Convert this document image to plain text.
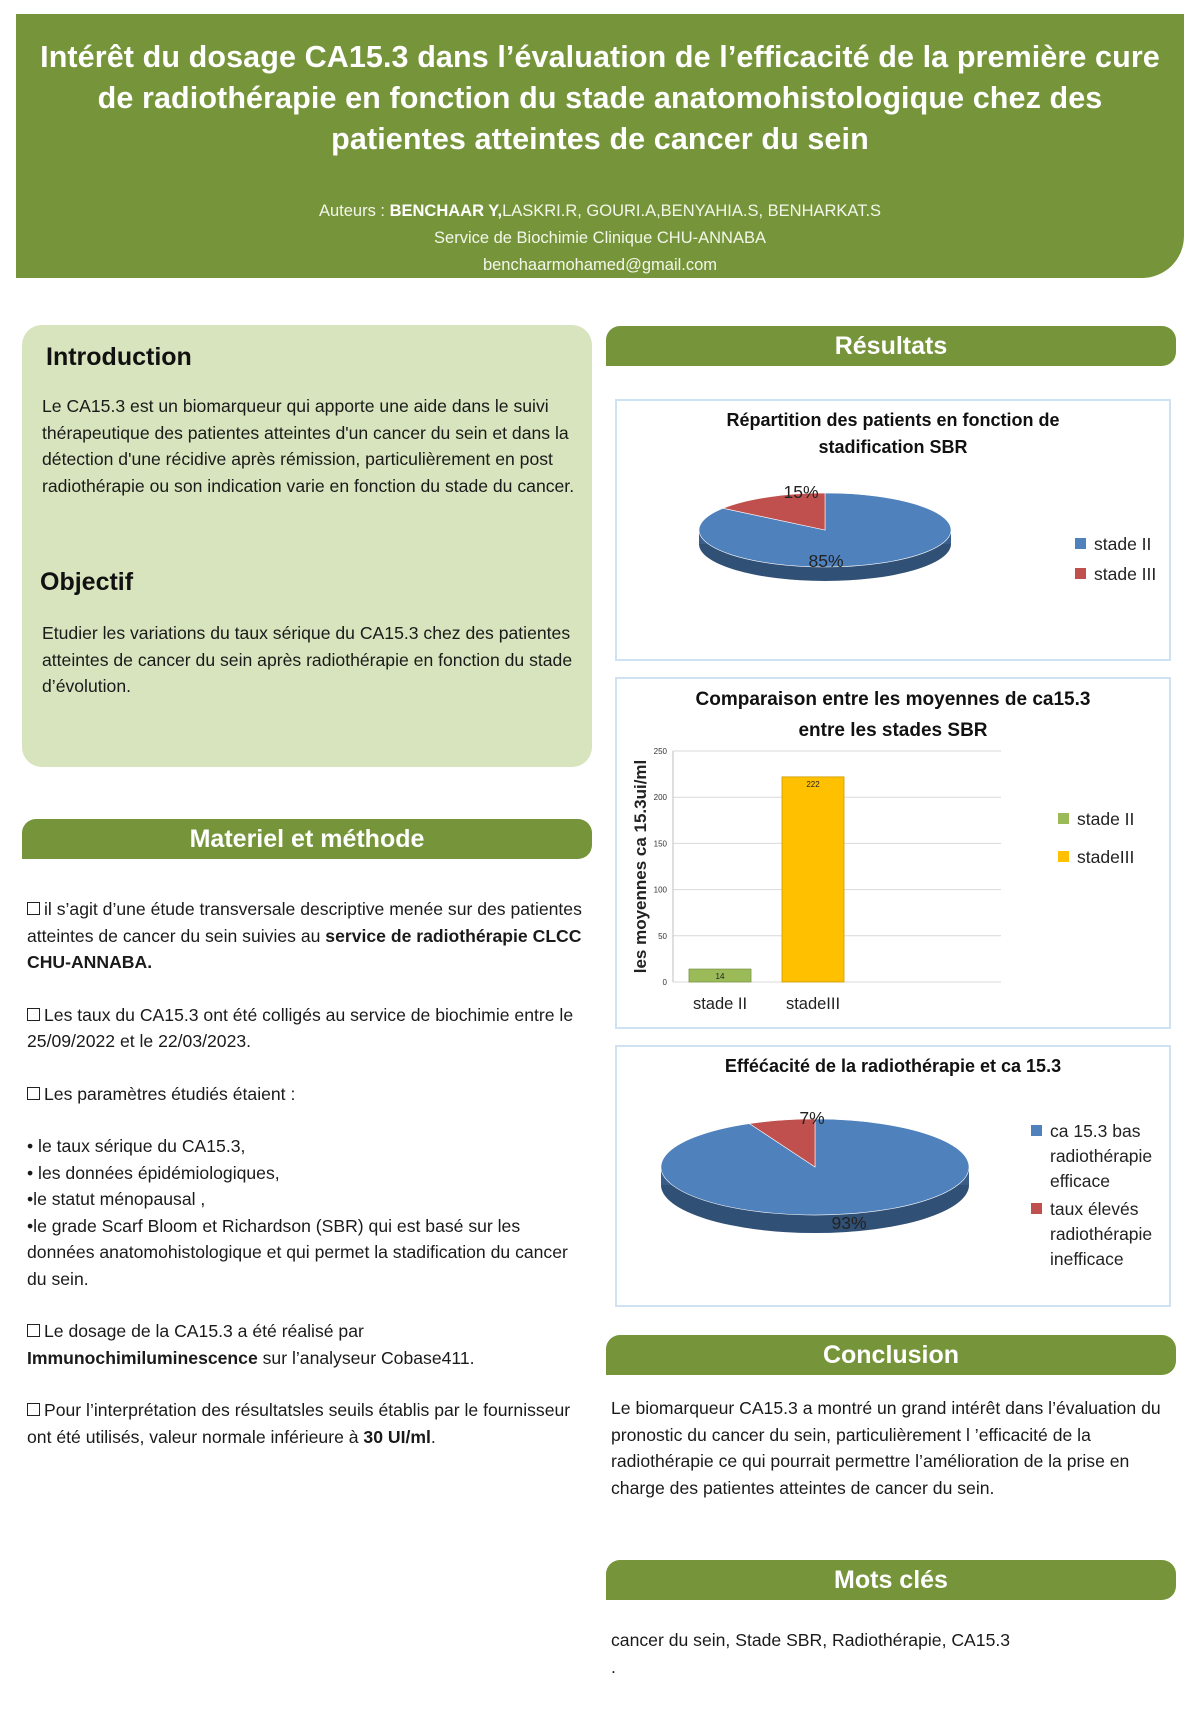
Intérêt du dosage CA15.3 dans l’évaluation de l’efficacité de la première cure de radiothérapie en fonction du stade anatomohistologique chez des patientes atteintes de cancer du sein
Auteurs : BENCHAAR Y,LASKRI.R, GOURI.A,BENYAHIA.S, BENHARKAT.S
Service de Biochimie Clinique CHU-ANNABA
benchaarmohamed@gmail.com
Introduction

Le CA15.3 est un biomarqueur qui apporte une aide dans le suivi thérapeutique des patientes atteintes d'un cancer du sein et dans la détection d'une récidive après rémission, particulièrement en post radiothérapie ou son indication varie en fonction du stade du cancer.

Objectif

Etudier les variations du taux sérique du CA15.3 chez des patientes atteintes de cancer du sein après radiothérapie en fonction du stade d’évolution.

Materiel et méthode
il s’agit d’une étude transversale descriptive menée sur des patientes atteintes de cancer du sein suivies au service de radiothérapie CLCC CHU-ANNABA.
Les taux du CA15.3 ont été colligés au service de biochimie entre le 25/09/2022 et le 22/03/2023.
Les paramètres étudiés étaient :
• le taux sérique du CA15.3,
• les données épidémiologiques,
•le statut ménopausal ,
•le grade Scarf Bloom et Richardson (SBR) qui est basé sur les données anatomohistologique et qui permet la stadification du cancer du sein.
Le dosage de la CA15.3 a été réalisé par Immunochimiluminescence sur l’analyseur Cobase411.
Pour l’interprétation des résultatsles seuils établis par le fournisseur ont été utilisés, valeur normale inférieure à 30 UI/ml.
Résultats
Répartition des patients en fonction de
stadification SBR
85%
15%
stade II
stade III
Comparaison entre les moyennes de ca15.3
entre les stades SBR
0
50
100
150
200
250
14
stade II
222
stadeIII
les moyennes ca 15.3ui/ml	stade II
stadeIII
Efféćacité de la radiothérapie et ca 15.3
93%
7%
ca 15.3 bas
radiothérapie
efficace
taux élevés
radiothérapie
inefficace
Conclusion
Le biomarqueur CA15.3 a montré un grand intérêt dans l’évaluation du pronostic du cancer du sein, particulièrement l ’efficacité de la radiothérapie ce qui pourrait permettre l’amélioration de la prise en charge des patientes atteintes de cancer du sein.
Mots clés
cancer du sein, Stade SBR, Radiothérapie, CA15.3
.
